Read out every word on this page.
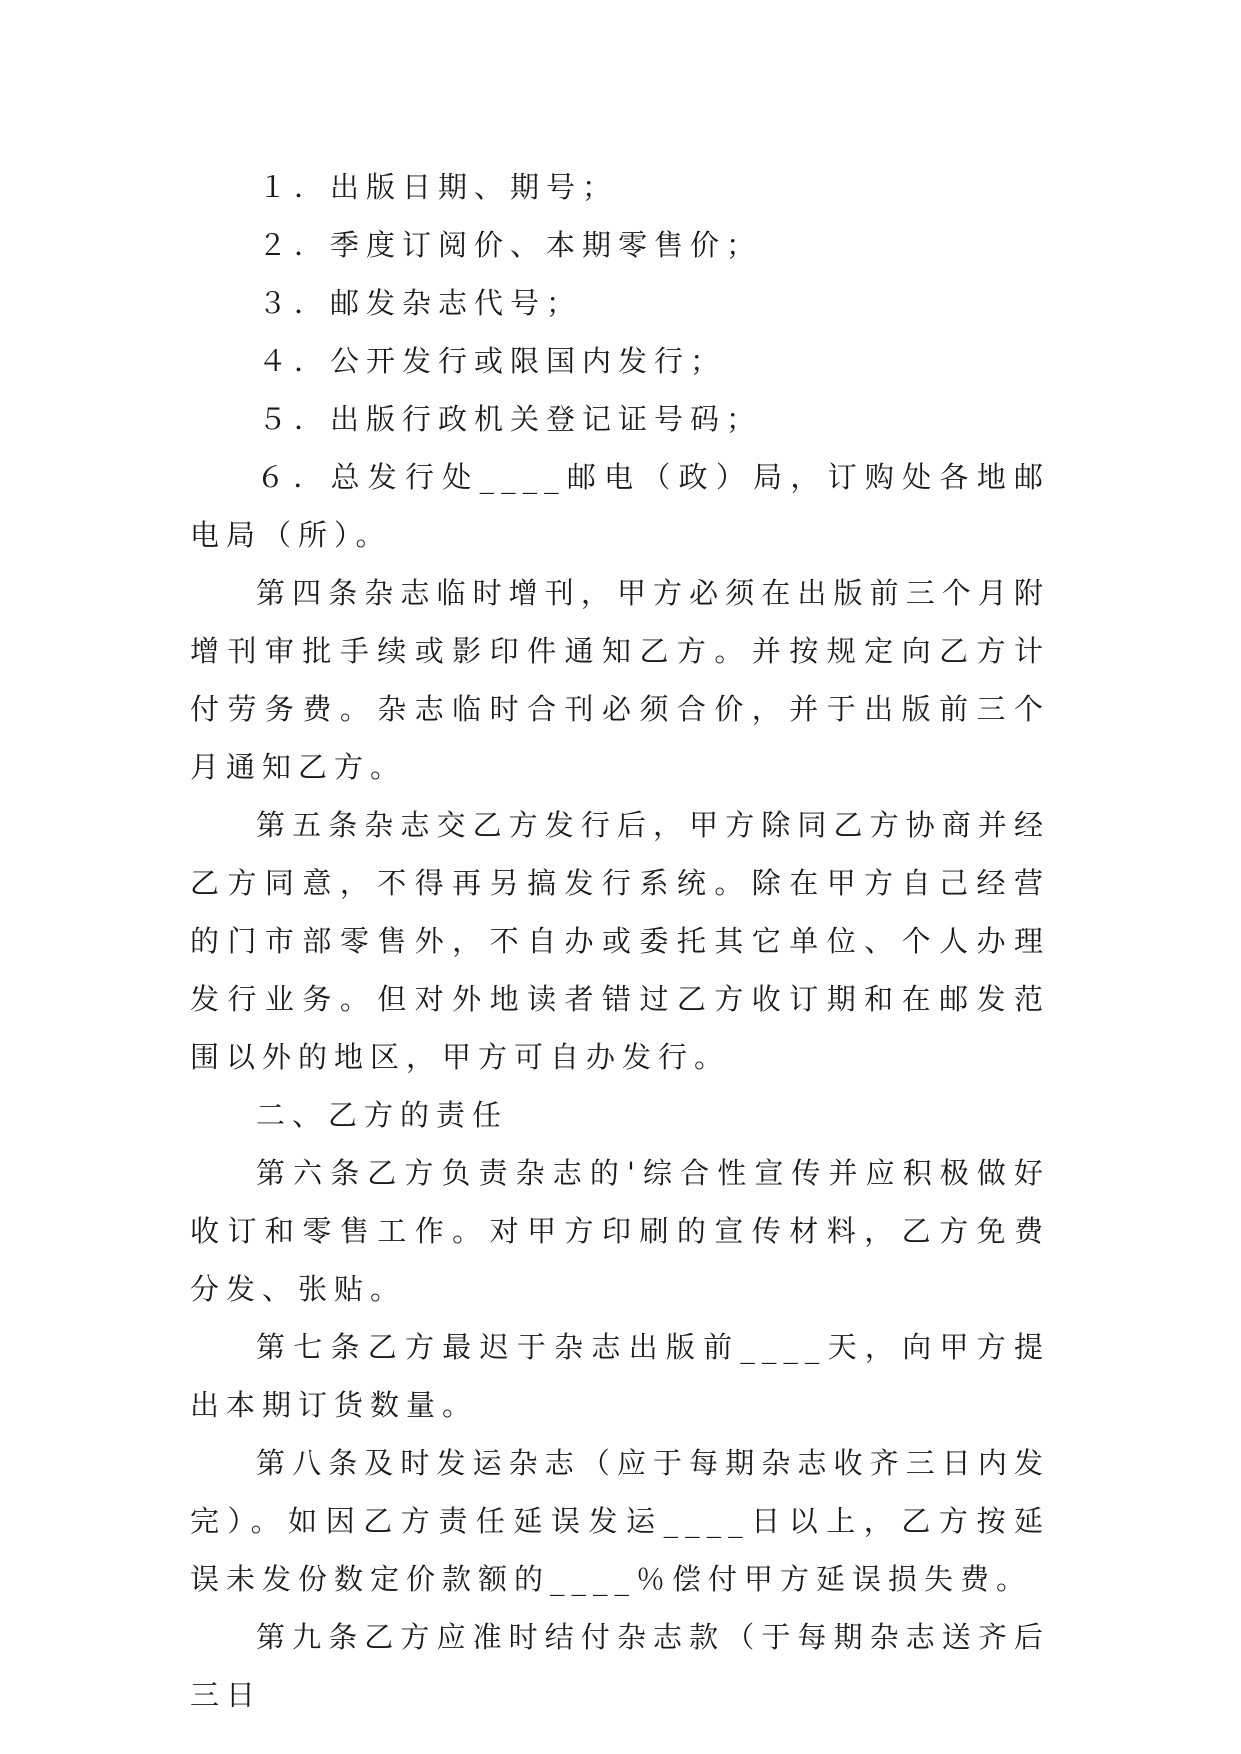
１．出版日期、期号；
２．季度订阅价、本期零售价；
３．邮发杂志代号；
４．公开发行或限国内发行；
５．出版行政机关登记证号码；

６．总发行处____邮电（政）局，订购处各地邮电局（所）。

第四条杂志临时增刊，甲方必须在出版前三个月附增刊审批手续或影印件通知乙方。并按规定向乙方计付劳务费。杂志临时合刊必须合价，并于出版前三个月通知乙方。

第五条杂志交乙方发行后，甲方除同乙方协商并经乙方同意，不得再另搞发行系统。除在甲方自己经营的门市部零售外，不自办或委托其它单位、个人办理发行业务。但对外地读者错过乙方收订期和在邮发范围以外的地区，甲方可自办发行。

二、乙方的责任

第六条乙方负责杂志的'综合性宣传并应积极做好收订和零售工作。对甲方印刷的宣传材料，乙方免费分发、张贴。

第七条乙方最迟于杂志出版前____天，向甲方提出本期订货数量。

第八条及时发运杂志（应于每期杂志收齐三日内发完）。如因乙方责任延误发运____日以上，乙方按延误未发份数定价款额的____％偿付甲方延误损失费。

第九条乙方应准时结付杂志款（于每期杂志送齐后三日
